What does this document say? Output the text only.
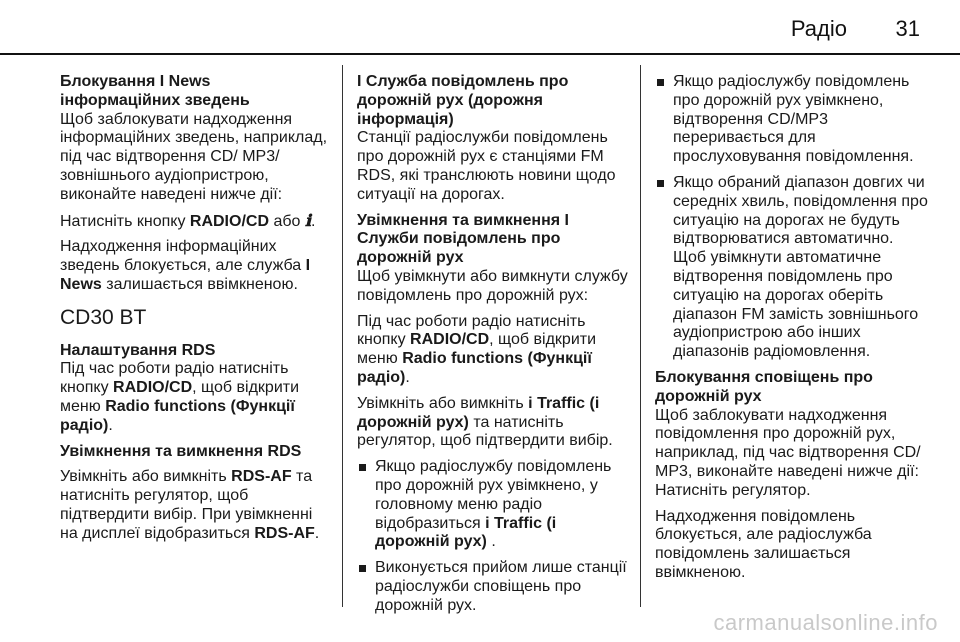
Радіо 31
Блокування I News інформаційних зведень
Щоб заблокувати надходження інформаційних зведень, наприклад, під час відтворення CD/ MP3/зовнішнього аудіопристрою, виконайте наведені нижче дії:
Натисніть кнопку RADIO/CD або ℹ.
Надходження інформаційних зведень блокується, але служба I News залишається ввімкненою.
CD30 BT
Налаштування RDS
Під час роботи радіо натисніть кнопку RADIO/CD, щоб відкрити меню Radio functions (Функції радіо).
Увімкнення та вимкнення RDS
Увімкніть або вимкніть RDS-AF та натисніть регулятор, щоб підтвердити вибір. При увімкненні на дисплеї відобразиться RDS-AF.
I Служба повідомлень про дорожній рух (дорожня інформація)
Станції радіослужби повідомлень про дорожній рух є станціями FM RDS, які транслюють новини щодо ситуації на дорогах.
Увімкнення та вимкнення I Служби повідомлень про дорожній рух
Щоб увімкнути або вимкнути службу повідомлень про дорожній рух:
Під час роботи радіо натисніть кнопку RADIO/CD, щоб відкрити меню Radio functions (Функції радіо).
Увімкніть або вимкніть i Traffic (і дорожній рух) та натисніть регулятор, щоб підтвердити вибір.
Якщо радіослужбу повідомлень про дорожній рух увімкнено, у головному меню радіо відобразиться i Traffic (і дорожній рух) .
Виконується прийом лише станції радіослужби сповіщень про дорожній рух.
Якщо радіослужбу повідомлень про дорожній рух увімкнено, відтворення CD/MP3 переривається для прослуховування повідомлення.
Якщо обраний діапазон довгих чи середніх хвиль, повідомлення про ситуацію на дорогах не будуть відтворюватися автоматично. Щоб увімкнути автоматичне відтворення повідомлень про ситуацію на дорогах оберіть діапазон FM замість зовнішнього аудіопристрою або інших діапазонів радіомовлення.
Блокування сповіщень про дорожній рух
Щоб заблокувати надходження повідомлення про дорожній рух, наприклад, під час відтворення CD/ MP3, виконайте наведені нижче дії: Натисніть регулятор.
Надходження повідомлень блокується, але радіослужба повідомлень залишається ввімкненою.
carmanualsonline.info
